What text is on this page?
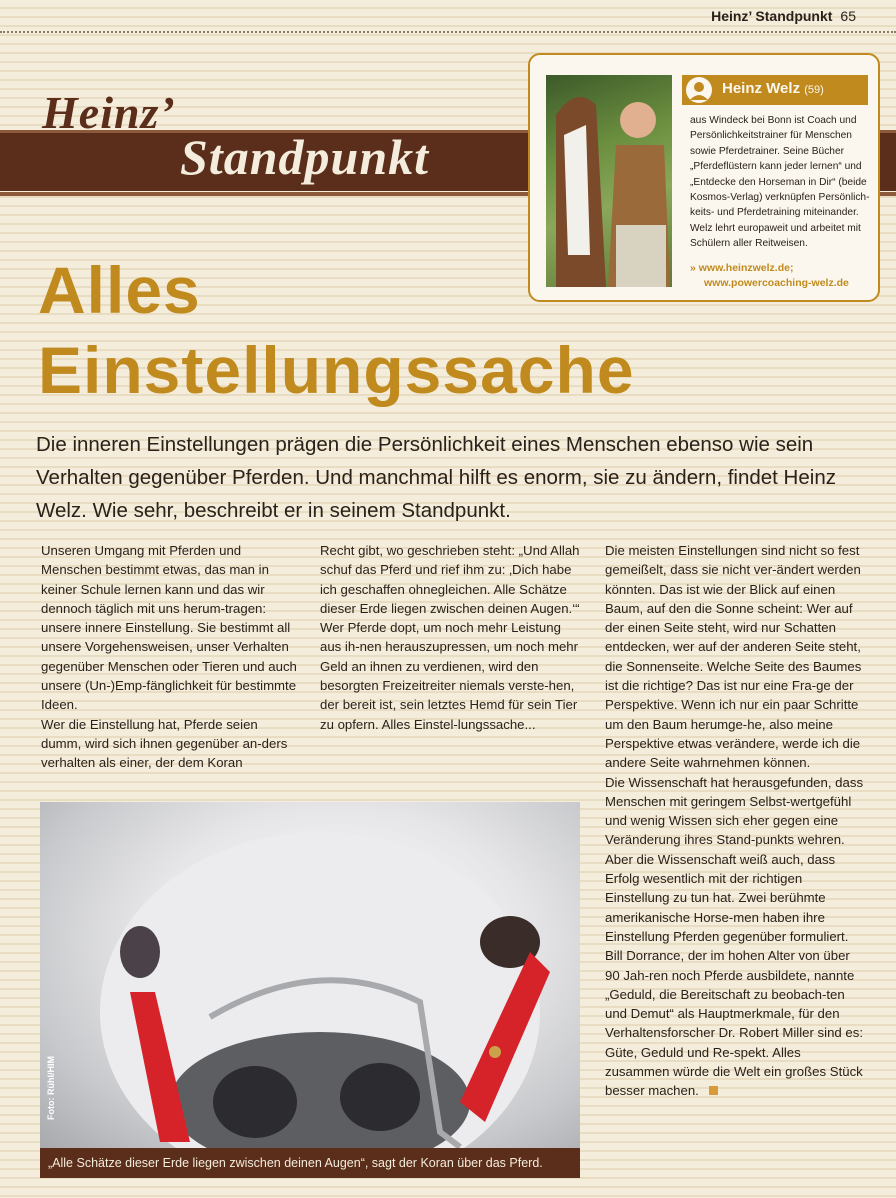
Heinz’ Standpunkt 65
Heinz’
Standpunkt
Alles
Einstellungssache
Die inneren Einstellungen prägen die Persönlichkeit eines Menschen ebenso wie sein Verhalten gegenüber Pferden. Und manchmal hilft es enorm, sie zu ändern, findet Heinz Welz. Wie sehr, beschreibt er in seinem Standpunkt.

Unseren Umgang mit Pferden und Menschen bestimmt etwas, das man in keiner Schule lernen kann und das wir dennoch täglich mit uns herum-tragen: unsere innere Einstellung. Sie bestimmt all unsere Vorgehensweisen, unser Verhalten gegenüber Menschen oder Tieren und auch unsere (Un-)Emp-fänglichkeit für bestimmte Ideen.

Wer die Einstellung hat, Pferde seien dumm, wird sich ihnen gegenüber an-ders verhalten als einer, der dem Koran

Recht gibt, wo geschrieben steht: „Und Allah schuf das Pferd und rief ihm zu: ‚Dich habe ich geschaffen ohnegleichen. Alle Schätze dieser Erde liegen zwischen deinen Augen.‘“ Wer Pferde dopt, um noch mehr Leistung aus ih-nen herauszupressen, um noch mehr Geld an ihnen zu verdienen, wird den besorgten Freizeitreiter niemals verste-hen, der bereit ist, sein letztes Hemd für sein Tier zu opfern. Alles Einstel-lungssache...

Die meisten Einstellungen sind nicht so fest gemeißelt, dass sie nicht ver-ändert werden könnten. Das ist wie der Blick auf einen Baum, auf den die Sonne scheint: Wer auf der einen Seite steht, wird nur Schatten entdecken, wer auf der anderen Seite steht, die Sonnenseite. Welche Seite des Baumes ist die richtige? Das ist nur eine Fra-ge der Perspektive. Wenn ich nur ein paar Schritte um den Baum herumge-he, also meine Perspektive etwas verändere, werde ich die andere Seite wahrnehmen können.

Die Wissenschaft hat herausgefunden, dass Menschen mit geringem Selbst-wertgefühl und wenig Wissen sich eher gegen eine Veränderung ihres Stand-punkts wehren. Aber die Wissenschaft weiß auch, dass Erfolg wesentlich mit der richtigen Einstellung zu tun hat. Zwei berühmte amerikanische Horse-men haben ihre Einstellung Pferden gegenüber formuliert. Bill Dorrance, der im hohen Alter von über 90 Jah-ren noch Pferde ausbildete, nannte „Geduld, die Bereitschaft zu beobach-ten und Demut“ als Hauptmerkmale, für den Verhaltensforscher Dr. Robert Miller sind es: Güte, Geduld und Re-spekt. Alles zusammen würde die Welt ein großes Stück besser machen.

Foto: Rühl/HIM
„Alle Schätze dieser Erde liegen zwischen deinen Augen“, sagt der Koran über das Pferd.
Heinz Welz (59)
aus Windeck bei Bonn ist Coach und Persönlichkeitstrainer für Menschen sowie Pferdetrainer. Seine Bücher „Pferdeflüstern kann jeder lernen“ und „Entdecke den Horseman in Dir“ (beide Kosmos-Verlag) verknüpfen Persönlich-keits- und Pferdetraining miteinander. Welz lehrt europaweit und arbeitet mit Schülern aller Reitweisen.
» www.heinzwelz.de;
www.powercoaching-welz.de
